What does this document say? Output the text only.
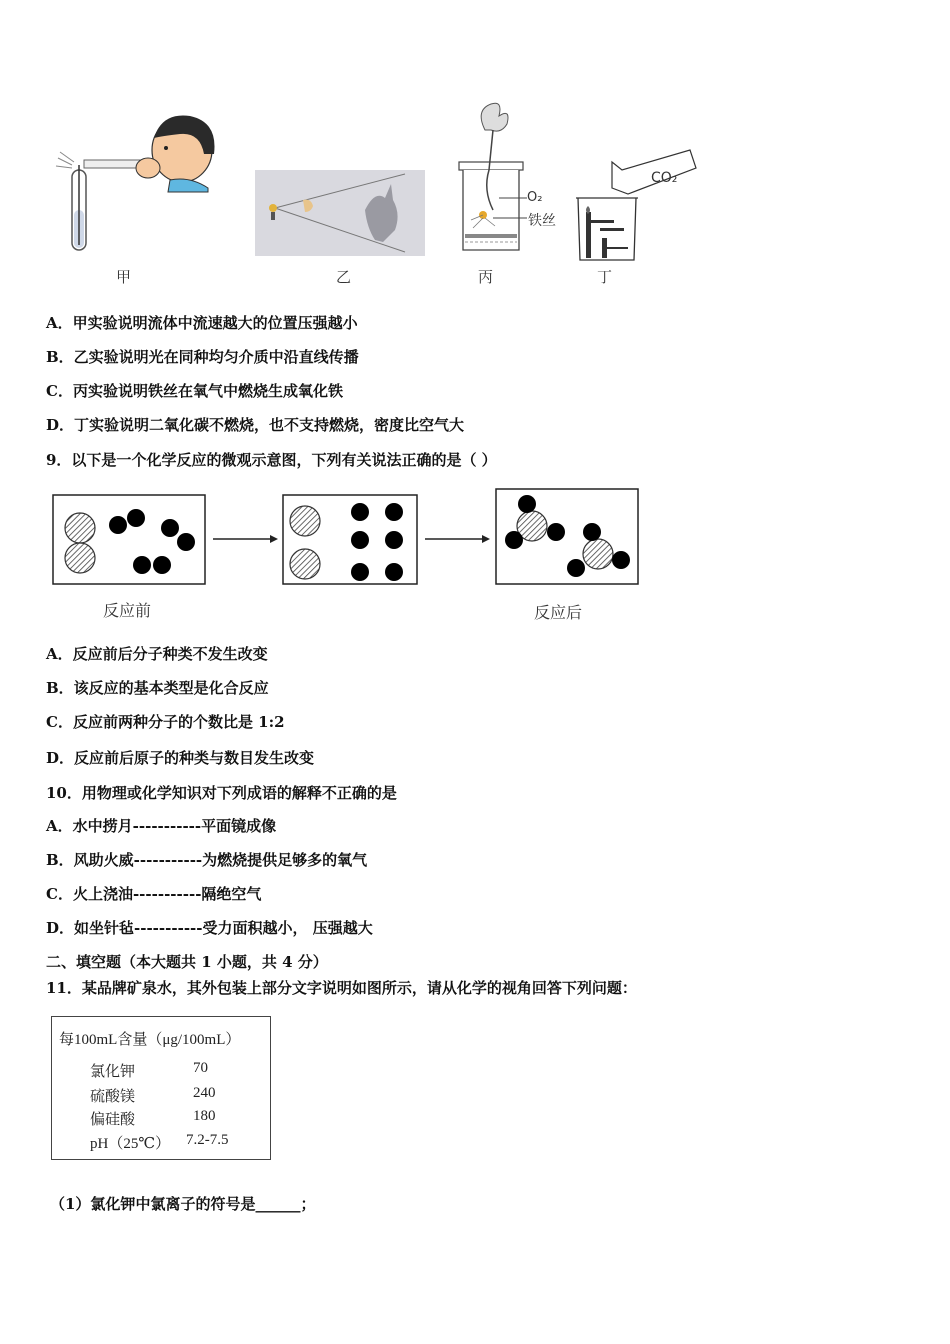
甲	乙
O₂
铁丝
丙
CO₂
丁
A．甲实验说明流体中流速越大的位置压强越小
B．乙实验说明光在同种均匀介质中沿直线传播
C．丙实验说明铁丝在氧气中燃烧生成氧化铁
D．丁实验说明二氧化碳不燃烧，也不支持燃烧，密度比空气大
9．以下是一个化学反应的微观示意图，下列有关说法正确的是（ ）
反应前	反应后
A．反应前后分子种类不发生改变
B．该反应的基本类型是化合反应
C．反应前两种分子的个数比是 1:2
D．反应前后原子的种类与数目发生改变
10．用物理或化学知识对下列成语的解释不正确的是
A．水中捞月-----------平面镜成像
B．风助火威-----------为燃烧提供足够多的氧气
C．火上浇油-----------隔绝空气
D．如坐针毡-----------受力面积越小， 压强越大
二、填空题（本大题共 1 小题，共 4 分）
11．某品牌矿泉水，其外包装上部分文字说明如图所示，请从化学的视角回答下列问题：
每100mL含量（μg/100mL）
氯化钾	70
硫酸镁	240
偏硅酸	180
pH（25℃） 7.2-7.5
（1）氯化钾中氯离子的符号是______；
